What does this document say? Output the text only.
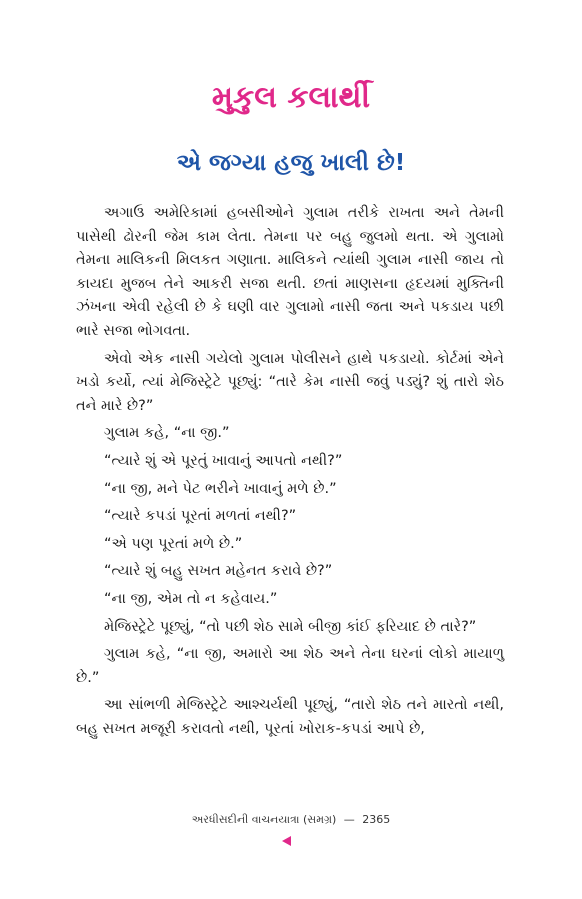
મુકુલ કલાર્થી
એ જગ્યા હજુ ખાલી છે!

અગાઉ અમેરિકામાં હબસીઓને ગુલામ તરીકે રાખતા અને તેમની પાસેથી ઢોરની જેમ કામ લેતા. તેમના પર બહુ જુલમો થતા. એ ગુલામો તેમના માલિકની મિલકત ગણાતા. માલિકને ત્યાંથી ગુલામ નાસી જાય તો કાયદા મુજબ તેને આકરી સજા થતી. છતાં માણસના હૃદયમાં મુક્તિની ઝંખના એવી રહેલી છે કે ઘણી વાર ગુલામો નાસી જતા અને પકડાય પછી ભારે સજા ભોગવતા.

એવો એક નાસી ગયેલો ગુલામ પોલીસને હાથે પકડાયો. કોર્ટમાં એને ખડો કર્યો, ત્યાં મેજિસ્ટ્રેટે પૂછ્યું: “તારે કેમ નાસી જવું પડ્યું? શું તારો શેઠ તને મારે છે?”

ગુલામ કહે, “ના જી.”

“ત્યારે શું એ પૂરતું ખાવાનું આપતો નથી?”

“ના જી, મને પેટ ભરીને ખાવાનું મળે છે.”

“ત્યારે કપડાં પૂરતાં મળતાં નથી?”

“એ પણ પૂરતાં મળે છે.”

“ત્યારે શું બહુ સખત મહેનત કરાવે છે?”

“ના જી, એમ તો ન કહેવાય.”

મેજિસ્ટ્રેટે પૂછ્યું, “તો પછી શેઠ સામે બીજી કાંઈ ફરિયાદ છે તારે?”

ગુલામ કહે, “ના જી, અમારો આ શેઠ અને તેના ઘરનાં લોકો માયાળુ છે.”

આ સાંભળી મેજિસ્ટ્રેટે આશ્ચર્યથી પૂછ્યું, “તારો શેઠ તને મારતો નથી, બહુ સખત મજૂરી કરાવતો નથી, પૂરતાં ખોરાક-કપડાં આપે છે,

અરધીસદીની વાચનયાત્રા (સમગ્ર) — 2365
